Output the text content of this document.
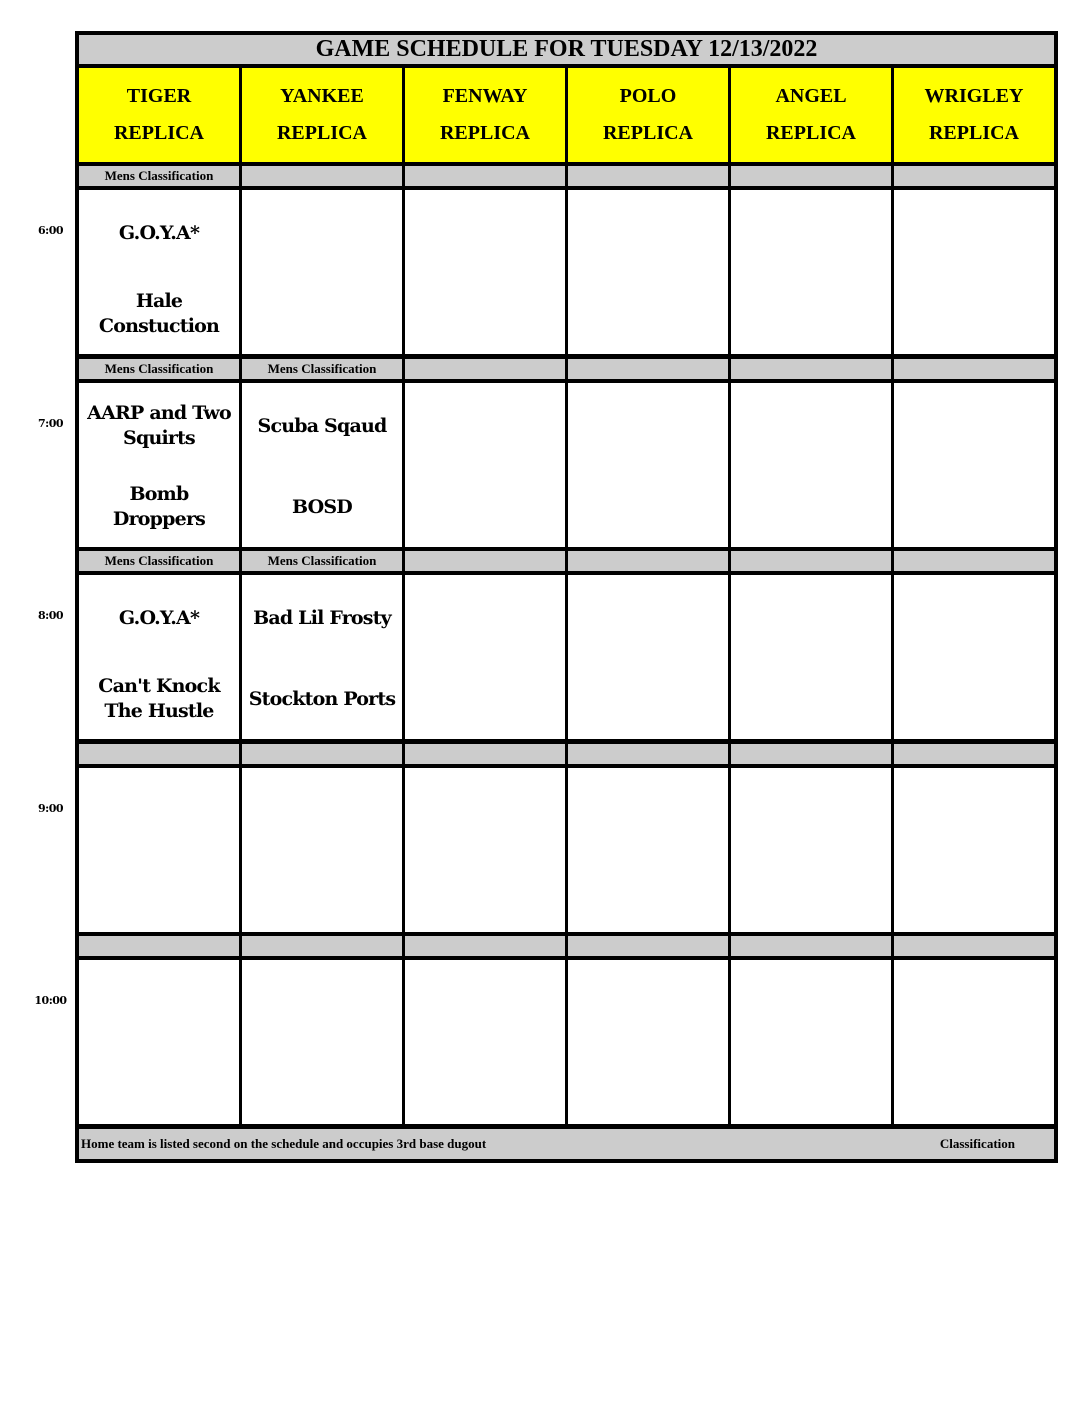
GAME SCHEDULE FOR TUESDAY 12/13/2022
Home team is listed second on the schedule and occupies 3rd base dugout	Classification
TIGER
REPLICA
YANKEE
REPLICA
FENWAY
REPLICA
POLO
REPLICA
ANGEL
REPLICA
WRIGLEY
REPLICA
Mens Classification
G.O.Y.A*
Hale Constuction
Mens Classification
AARP and Two Squirts
Bomb Droppers
Mens Classification
Scuba Sqaud
BOSD
Mens Classification
G.O.Y.A*
Can't Knock The Hustle
Mens Classification
Bad Lil Frosty
Stockton Ports
6:00
7:00
8:00
9:00
10:00
